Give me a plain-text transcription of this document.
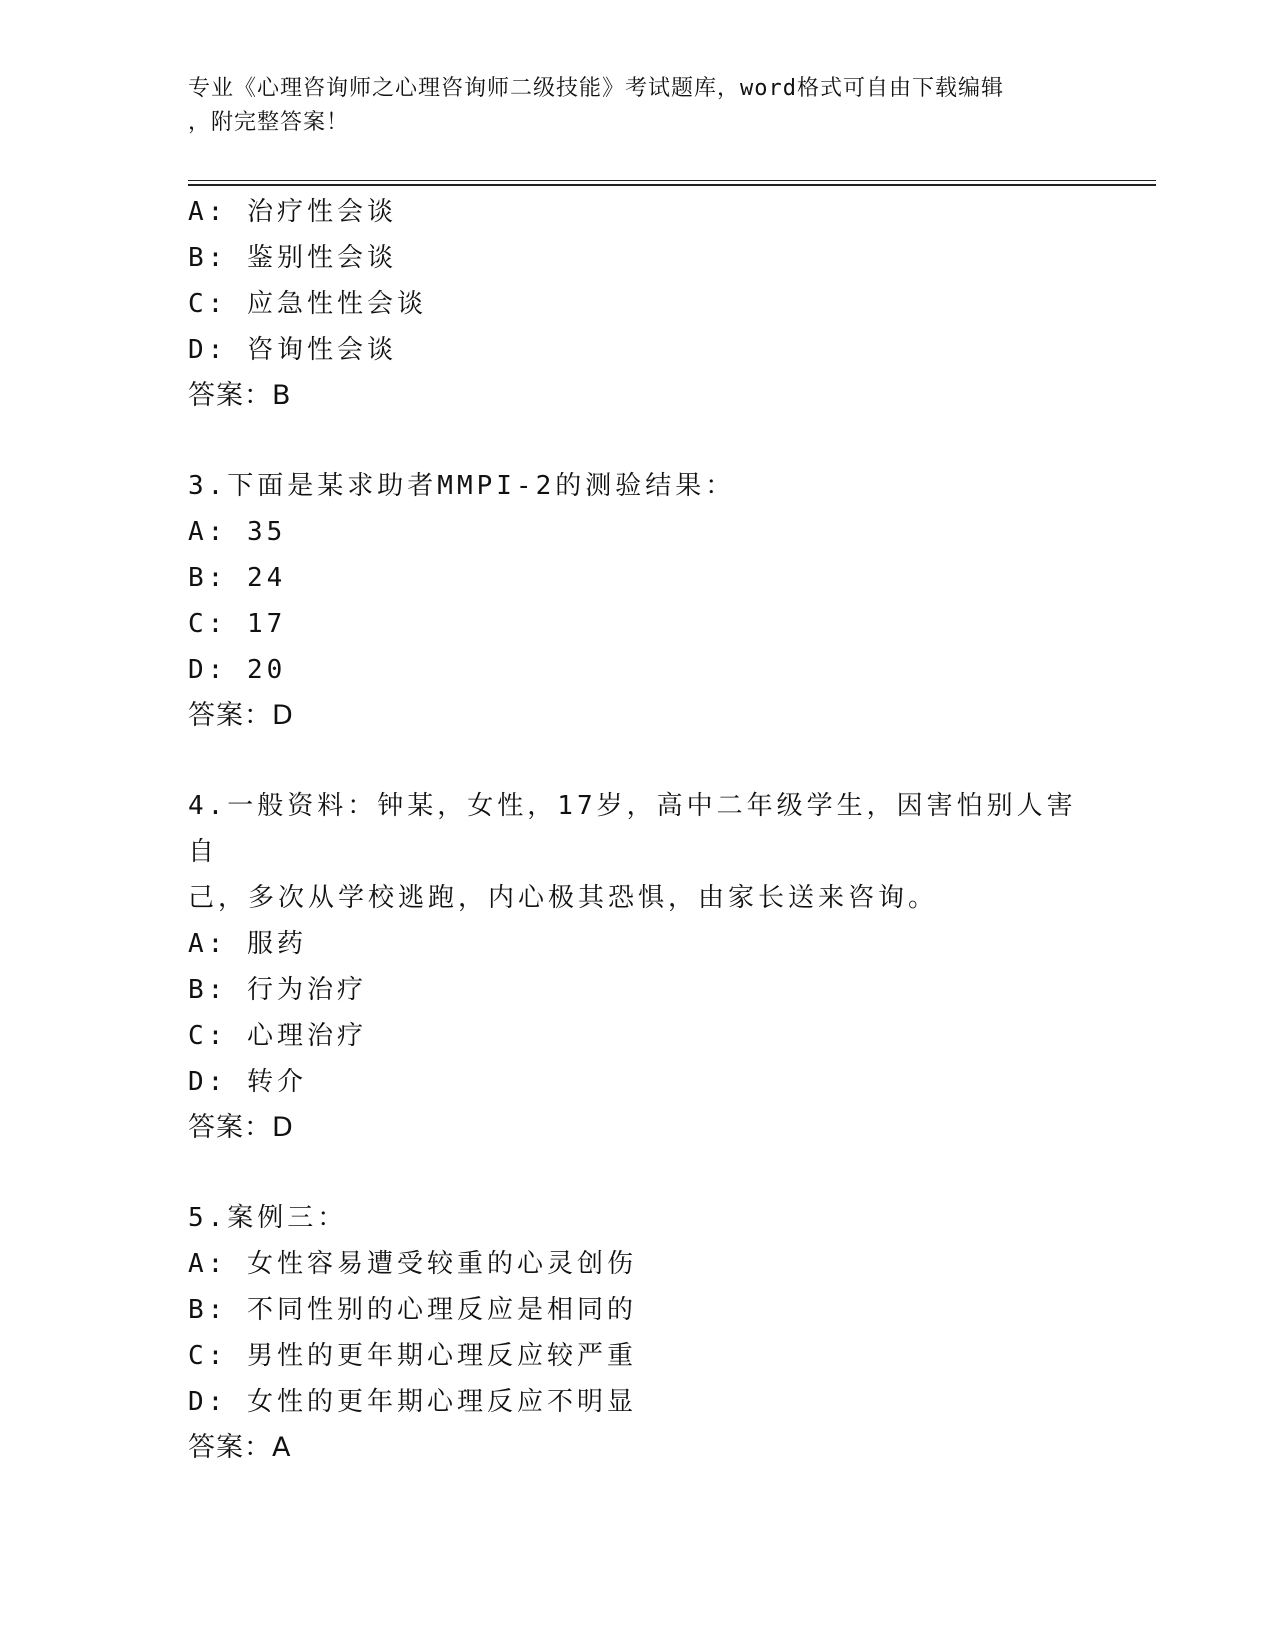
专业《心理咨询师之心理咨询师二级技能》考试题库，word格式可自由下载编辑
，附完整答案！
A: 治疗性会谈
B: 鉴别性会谈
C: 应急性性会谈
D: 咨询性会谈
答案：B
3.下面是某求助者MMPI-2的测验结果：
A: 35
B: 24
C: 17
D: 20
答案：D
4.一般资料：钟某，女性，17岁，高中二年级学生，因害怕别人害自
己，多次从学校逃跑，内心极其恐惧，由家长送来咨询。
A: 服药
B: 行为治疗
C: 心理治疗
D: 转介
答案：D
5.案例三：
A: 女性容易遭受较重的心灵创伤
B: 不同性别的心理反应是相同的
C: 男性的更年期心理反应较严重
D: 女性的更年期心理反应不明显
答案：A
